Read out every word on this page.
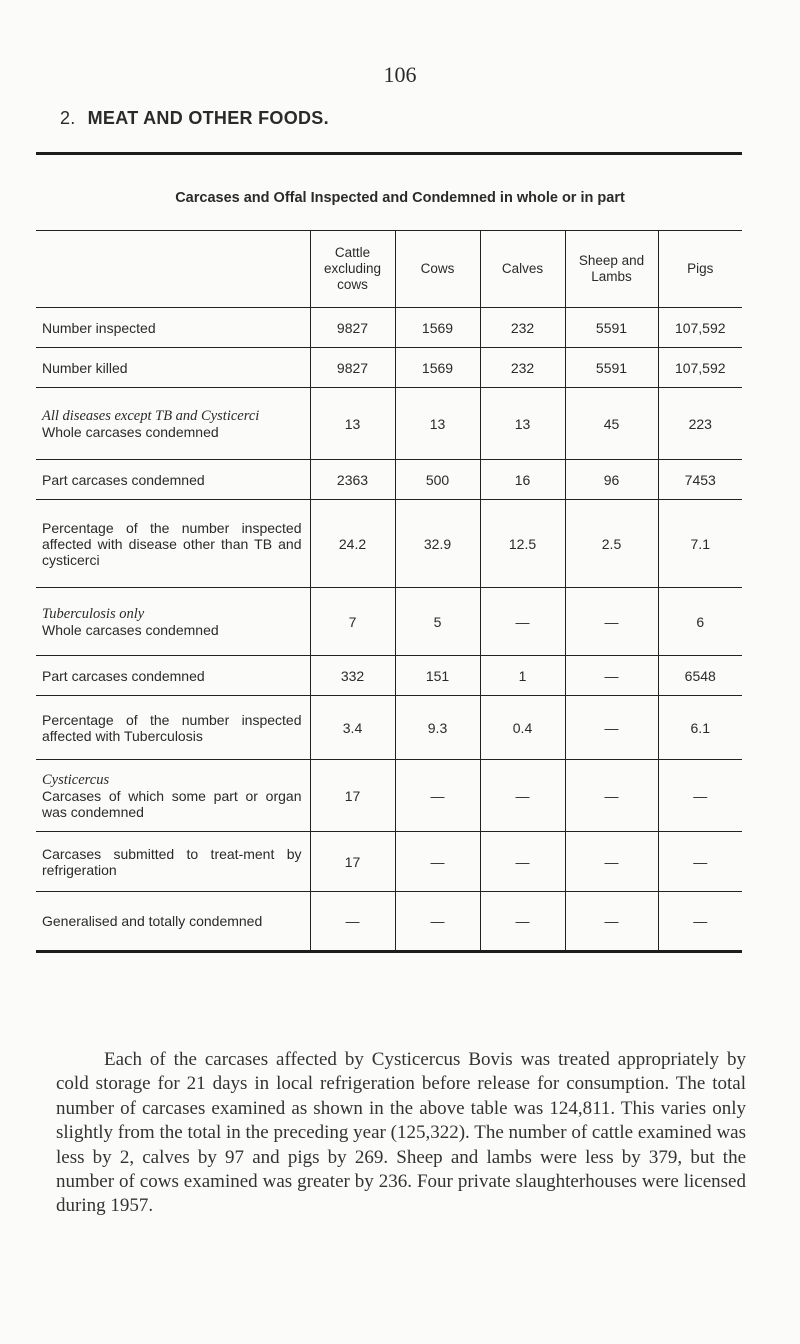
106
2. MEAT AND OTHER FOODS.
Carcases and Offal Inspected and Condemned in whole or in part
	Cattle excluding cows	Cows	Calves	Sheep and Lambs	Pigs
Number inspected	9827	1569	232	5591	107,592
Number killed	9827	1569	232	5591	107,592

All diseases except TB and Cysticerci
Whole carcases condemned	13	13	13	45	223
Part carcases condemned	2363	500	16	96	7453

Percentage of the number inspected affected with disease other than TB and cysticerci	24.2	32.9	12.5	2.5	7.1

Tuberculosis only
Whole carcases condemned	7	5	—	—	6
Part carcases condemned	332	151	1	—	6548

Percentage of the number inspected affected with Tuberculosis	3.4	9.3	0.4	—	6.1

Cysticercus
Carcases of which some part or organ was condemned	17	—	—	—	—

Carcases submitted to treat-ment by refrigeration	17	—	—	—	—
Generalised and totally condemned	—	—	—	—	—
Each of the carcases affected by Cysticercus Bovis was treated appropriately by cold storage for 21 days in local refrigeration before release for consumption. The total number of carcases examined as shown in the above table was 124,811. This varies only slightly from the total in the preceding year (125,322). The number of cattle examined was less by 2, calves by 97 and pigs by 269. Sheep and lambs were less by 379, but the number of cows examined was greater by 236. Four private slaughterhouses were licensed during 1957.
